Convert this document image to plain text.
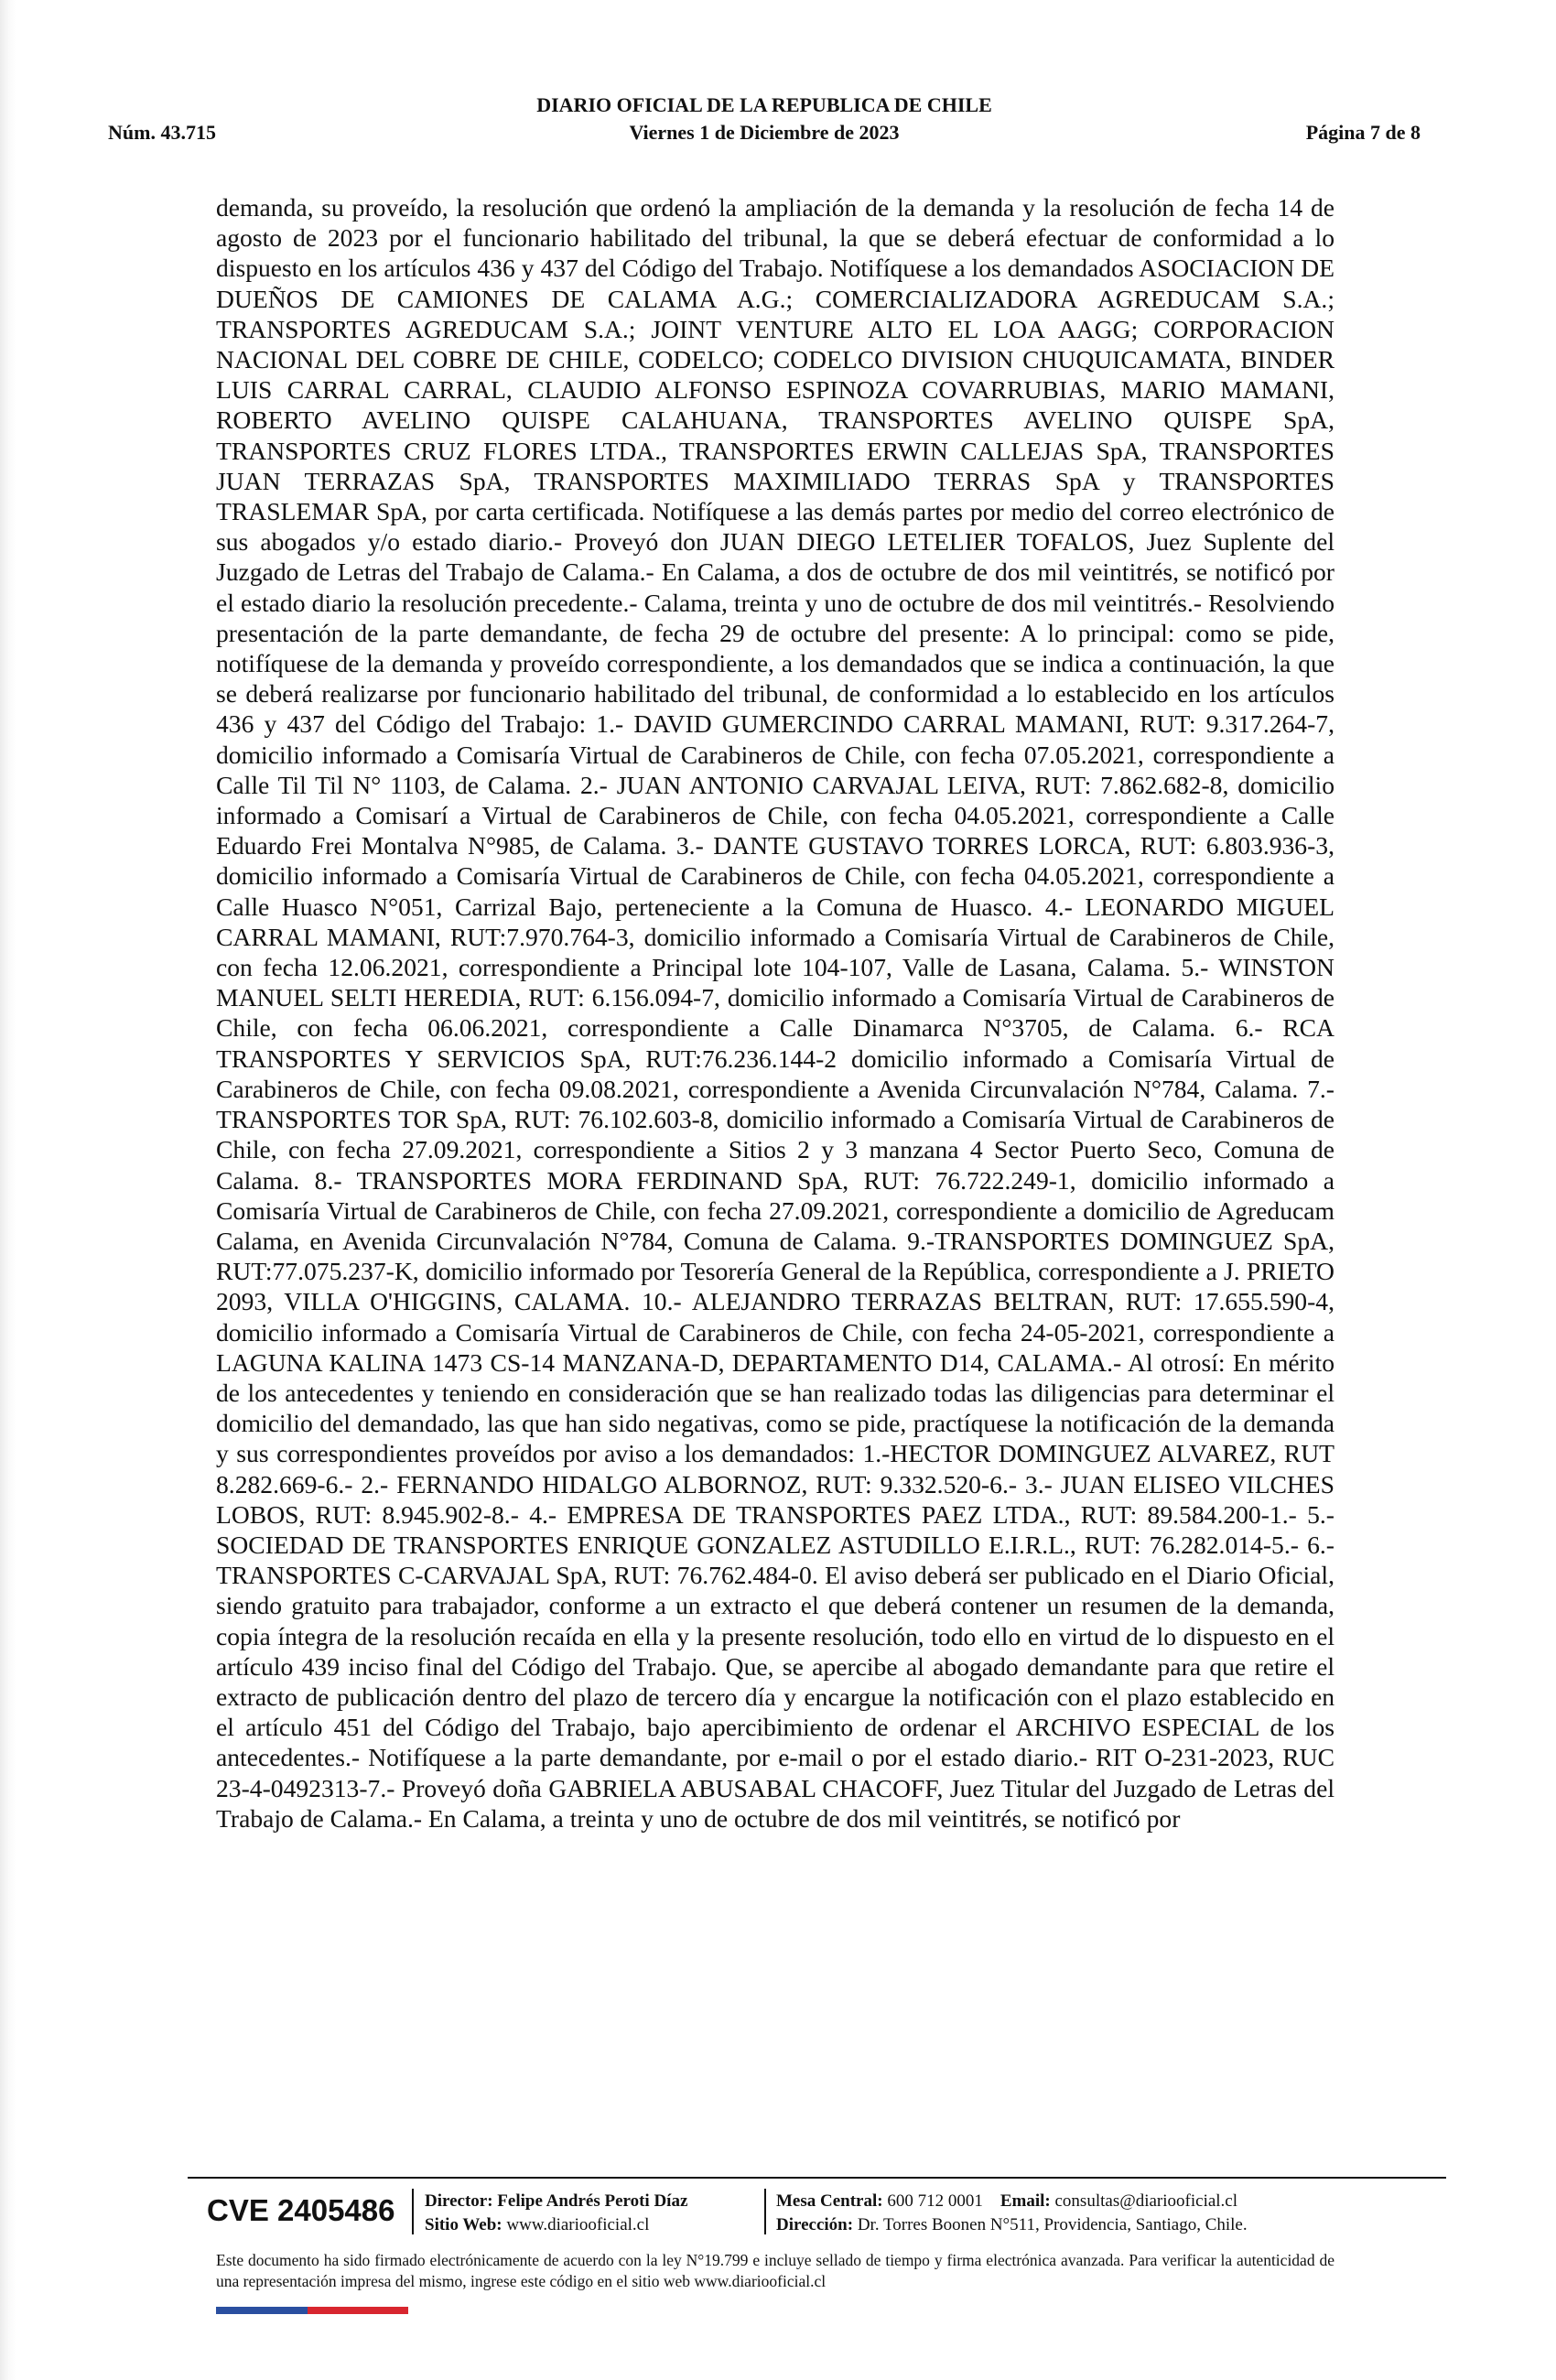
DIARIO OFICIAL DE LA REPUBLICA DE CHILE
Núm. 43.715	Viernes 1 de Diciembre de 2023	Página 7 de 8
demanda, su proveído, la resolución que ordenó la ampliación de la demanda y la resolución de fecha 14 de agosto de 2023 por el funcionario habilitado del tribunal, la que se deberá efectuar de conformidad a lo dispuesto en los artículos 436 y 437 del Código del Trabajo. Notifíquese a los demandados ASOCIACION DE DUEÑOS DE CAMIONES DE CALAMA A.G.; COMERCIALIZADORA AGREDUCAM S.A.; TRANSPORTES AGREDUCAM S.A.; JOINT VENTURE ALTO EL LOA AAGG; CORPORACION NACIONAL DEL COBRE DE CHILE, CODELCO; CODELCO DIVISION CHUQUICAMATA, BINDER LUIS CARRAL CARRAL, CLAUDIO ALFONSO ESPINOZA COVARRUBIAS, MARIO MAMANI, ROBERTO AVELINO QUISPE CALAHUANA, TRANSPORTES AVELINO QUISPE SpA, TRANSPORTES CRUZ FLORES LTDA., TRANSPORTES ERWIN CALLEJAS SpA, TRANSPORTES JUAN TERRAZAS SpA, TRANSPORTES MAXIMILIADO TERRAS SpA y TRANSPORTES TRASLEMAR SpA, por carta certificada. Notifíquese a las demás partes por medio del correo electrónico de sus abogados y/o estado diario.- Proveyó don JUAN DIEGO LETELIER TOFALOS, Juez Suplente del Juzgado de Letras del Trabajo de Calama.- En Calama, a dos de octubre de dos mil veintitrés, se notificó por el estado diario la resolución precedente.- Calama, treinta y uno de octubre de dos mil veintitrés.- Resolviendo presentación de la parte demandante, de fecha 29 de octubre del presente: A lo principal: como se pide, notifíquese de la demanda y proveído correspondiente, a los demandados que se indica a continuación, la que se deberá realizarse por funcionario habilitado del tribunal, de conformidad a lo establecido en los artículos 436 y 437 del Código del Trabajo: 1.- DAVID GUMERCINDO CARRAL MAMANI, RUT: 9.317.264-7, domicilio informado a Comisaría Virtual de Carabineros de Chile, con fecha 07.05.2021, correspondiente a Calle Til Til N° 1103, de Calama. 2.- JUAN ANTONIO CARVAJAL LEIVA, RUT: 7.862.682-8, domicilio informado a Comisarí a Virtual de Carabineros de Chile, con fecha 04.05.2021, correspondiente a Calle Eduardo Frei Montalva N°985, de Calama. 3.- DANTE GUSTAVO TORRES LORCA, RUT: 6.803.936-3, domicilio informado a Comisaría Virtual de Carabineros de Chile, con fecha 04.05.2021, correspondiente a Calle Huasco N°051, Carrizal Bajo, perteneciente a la Comuna de Huasco. 4.- LEONARDO MIGUEL CARRAL MAMANI, RUT:7.970.764-3, domicilio informado a Comisaría Virtual de Carabineros de Chile, con fecha 12.06.2021, correspondiente a Principal lote 104-107, Valle de Lasana, Calama. 5.- WINSTON MANUEL SELTI HEREDIA, RUT: 6.156.094-7, domicilio informado a Comisaría Virtual de Carabineros de Chile, con fecha 06.06.2021, correspondiente a Calle Dinamarca N°3705, de Calama. 6.- RCA TRANSPORTES Y SERVICIOS SpA, RUT:76.236.144-2 domicilio informado a Comisaría Virtual de Carabineros de Chile, con fecha 09.08.2021, correspondiente a Avenida Circunvalación N°784, Calama. 7.- TRANSPORTES TOR SpA, RUT: 76.102.603-8, domicilio informado a Comisaría Virtual de Carabineros de Chile, con fecha 27.09.2021, correspondiente a Sitios 2 y 3 manzana 4 Sector Puerto Seco, Comuna de Calama. 8.- TRANSPORTES MORA FERDINAND SpA, RUT: 76.722.249-1, domicilio informado a Comisaría Virtual de Carabineros de Chile, con fecha 27.09.2021, correspondiente a domicilio de Agreducam Calama, en Avenida Circunvalación N°784, Comuna de Calama. 9.-TRANSPORTES DOMINGUEZ SpA, RUT:77.075.237-K, domicilio informado por Tesorería General de la República, correspondiente a J. PRIETO 2093, VILLA O'HIGGINS, CALAMA. 10.- ALEJANDRO TERRAZAS BELTRAN, RUT: 17.655.590-4, domicilio informado a Comisaría Virtual de Carabineros de Chile, con fecha 24-05-2021, correspondiente a LAGUNA KALINA 1473 CS-14 MANZANA-D, DEPARTAMENTO D14, CALAMA.- Al otrosí: En mérito de los antecedentes y teniendo en consideración que se han realizado todas las diligencias para determinar el domicilio del demandado, las que han sido negativas, como se pide, practíquese la notificación de la demanda y sus correspondientes proveídos por aviso a los demandados: 1.-HECTOR DOMINGUEZ ALVAREZ, RUT 8.282.669-6.- 2.- FERNANDO HIDALGO ALBORNOZ, RUT: 9.332.520-6.- 3.- JUAN ELISEO VILCHES LOBOS, RUT: 8.945.902-8.- 4.- EMPRESA DE TRANSPORTES PAEZ LTDA., RUT: 89.584.200-1.- 5.- SOCIEDAD DE TRANSPORTES ENRIQUE GONZALEZ ASTUDILLO E.I.R.L., RUT: 76.282.014-5.- 6.- TRANSPORTES C-CARVAJAL SpA, RUT: 76.762.484-0. El aviso deberá ser publicado en el Diario Oficial, siendo gratuito para trabajador, conforme a un extracto el que deberá contener un resumen de la demanda, copia íntegra de la resolución recaída en ella y la presente resolución, todo ello en virtud de lo dispuesto en el artículo 439 inciso final del Código del Trabajo. Que, se apercibe al abogado demandante para que retire el extracto de publicación dentro del plazo de tercero día y encargue la notificación con el plazo establecido en el artículo 451 del Código del Trabajo, bajo apercibimiento de ordenar el ARCHIVO ESPECIAL de los antecedentes.- Notifíquese a la parte demandante, por e-mail o por el estado diario.- RIT O-231-2023, RUC 23-4-0492313-7.- Proveyó doña GABRIELA ABUSABAL CHACOFF, Juez Titular del Juzgado de Letras del Trabajo de Calama.- En Calama, a treinta y uno de octubre de dos mil veintitrés, se notificó por
CVE 2405486	Director: Felipe Andrés Peroti Díaz
Sitio Web: www.diariooficial.cl
Mesa Central: 600 712 0001 Email: consultas@diariooficial.cl
Dirección: Dr. Torres Boonen N°511, Providencia, Santiago, Chile.
Este documento ha sido firmado electrónicamente de acuerdo con la ley N°19.799 e incluye sellado de tiempo y firma electrónica avanzada. Para verificar la autenticidad de una representación impresa del mismo, ingrese este código en el sitio web www.diariooficial.cl
